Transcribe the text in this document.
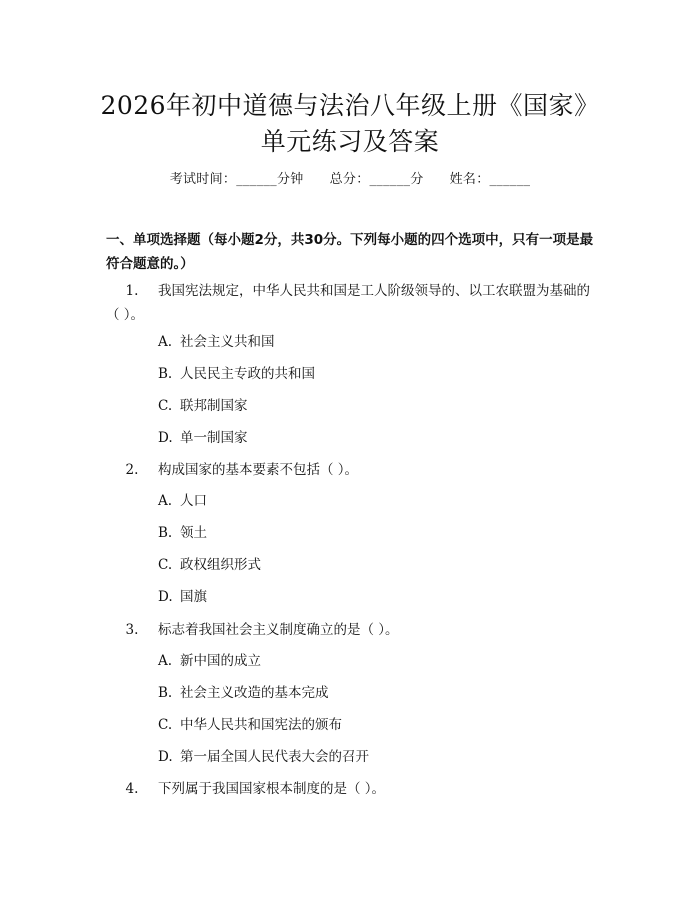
2026年初中道德与法治八年级上册《国家》
单元练习及答案
考试时间：______分钟 总分：______分 姓名：______
一、单项选择题（每小题2分，共30分。下列每小题的四个选项中，只有一项是最符合题意的。）
1. 我国宪法规定，中华人民共和国是工人阶级领导的、以工农联盟为基础的
（ ）。
A. 社会主义共和国
B. 人民民主专政的共和国
C. 联邦制国家
D. 单一制国家
2. 构成国家的基本要素不包括（ ）。
A. 人口
B. 领土
C. 政权组织形式
D. 国旗
3. 标志着我国社会主义制度确立的是（ ）。
A. 新中国的成立
B. 社会主义改造的基本完成
C. 中华人民共和国宪法的颁布
D. 第一届全国人民代表大会的召开
4. 下列属于我国国家根本制度的是（ ）。
